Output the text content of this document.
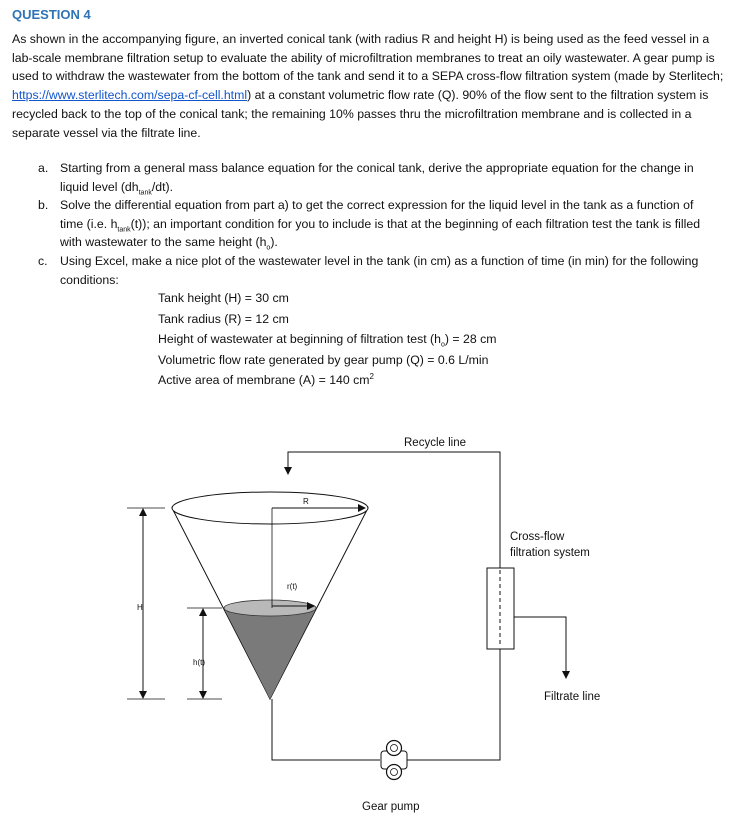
QUESTION 4
As shown in the accompanying figure, an inverted conical tank (with radius R and height H) is being used as the feed vessel in a lab-scale membrane filtration setup to evaluate the ability of microfiltration membranes to treat an oily wastewater. A gear pump is used to withdraw the wastewater from the bottom of the tank and send it to a SEPA cross-flow filtration system (made by Sterlitech; https://www.sterlitech.com/sepa-cf-cell.html) at a constant volumetric flow rate (Q). 90% of the flow sent to the filtration system is recycled back to the top of the conical tank; the remaining 10% passes thru the microfiltration membrane and is collected in a separate vessel via the filtrate line.
a. Starting from a general mass balance equation for the conical tank, derive the appropriate equation for the change in liquid level $(dh_{tank}/dt)$.
b. Solve the differential equation from part a) to get the correct expression for the liquid level in the tank as a function of time (i.e. $h_{tank}(t)$); an important condition for you to include is that at the beginning of each filtration test the tank is filled with wastewater to the same height $(h_o)$.
c.	Using Excel, make a nice plot of the wastewater level in the tank (in cm) as a function of time (in min) for the following conditions:
Tank height (H) = 30 cm
Tank radius (R) = 12 cm
Height of wastewater at beginning of filtration test $(h_o) = 28$ cm
Volumetric flow rate generated by gear pump (Q) = 0.6 L/min
Active area of membrane (A) = 140 $cm^2$
R
r(t)
H
h(t)
Gear pump
Cross-flow
filtration system
Recycle line
Filtrate line
